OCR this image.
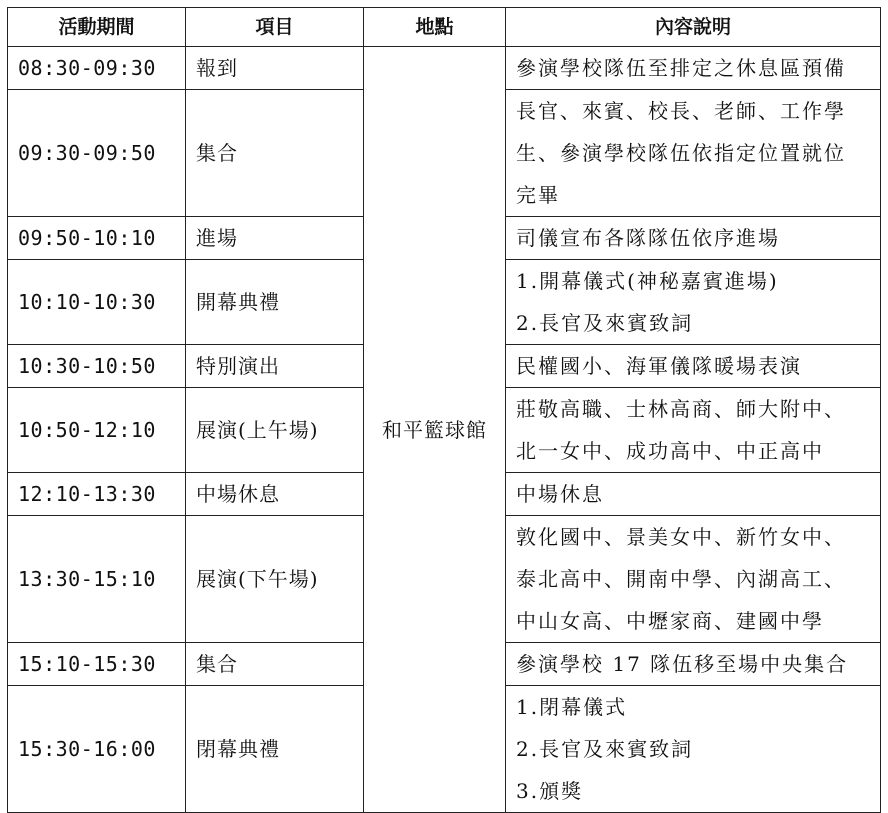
活動期間	項目	地點	內容說明
08:30-09:30	報到	和平籃球館	參演學校隊伍至排定之休息區預備

09:30-09:50	集合		長官、來賓、校長、老師、工作學
生、參演學校隊伍依指定位置就位
完畢

09:50-10:10	進場		司儀宣布各隊隊伍依序進場

10:10-10:30	開幕典禮		1.開幕儀式(神秘嘉賓進場)
2.長官及來賓致詞

10:30-10:50	特別演出		民權國小、海軍儀隊暖場表演

10:50-12:10	展演(上午場)		莊敬高職、士林高商、師大附中、
北一女中、成功高中、中正高中

12:10-13:30	中場休息		中場休息

13:30-15:10	展演(下午場)		敦化國中、景美女中、新竹女中、
泰北高中、開南中學、內湖高工、
中山女高、中壢家商、建國中學

15:10-15:30	集合		參演學校 17 隊伍移至場中央集合

15:30-16:00	閉幕典禮		1.閉幕儀式
2.長官及來賓致詞
3.頒獎
